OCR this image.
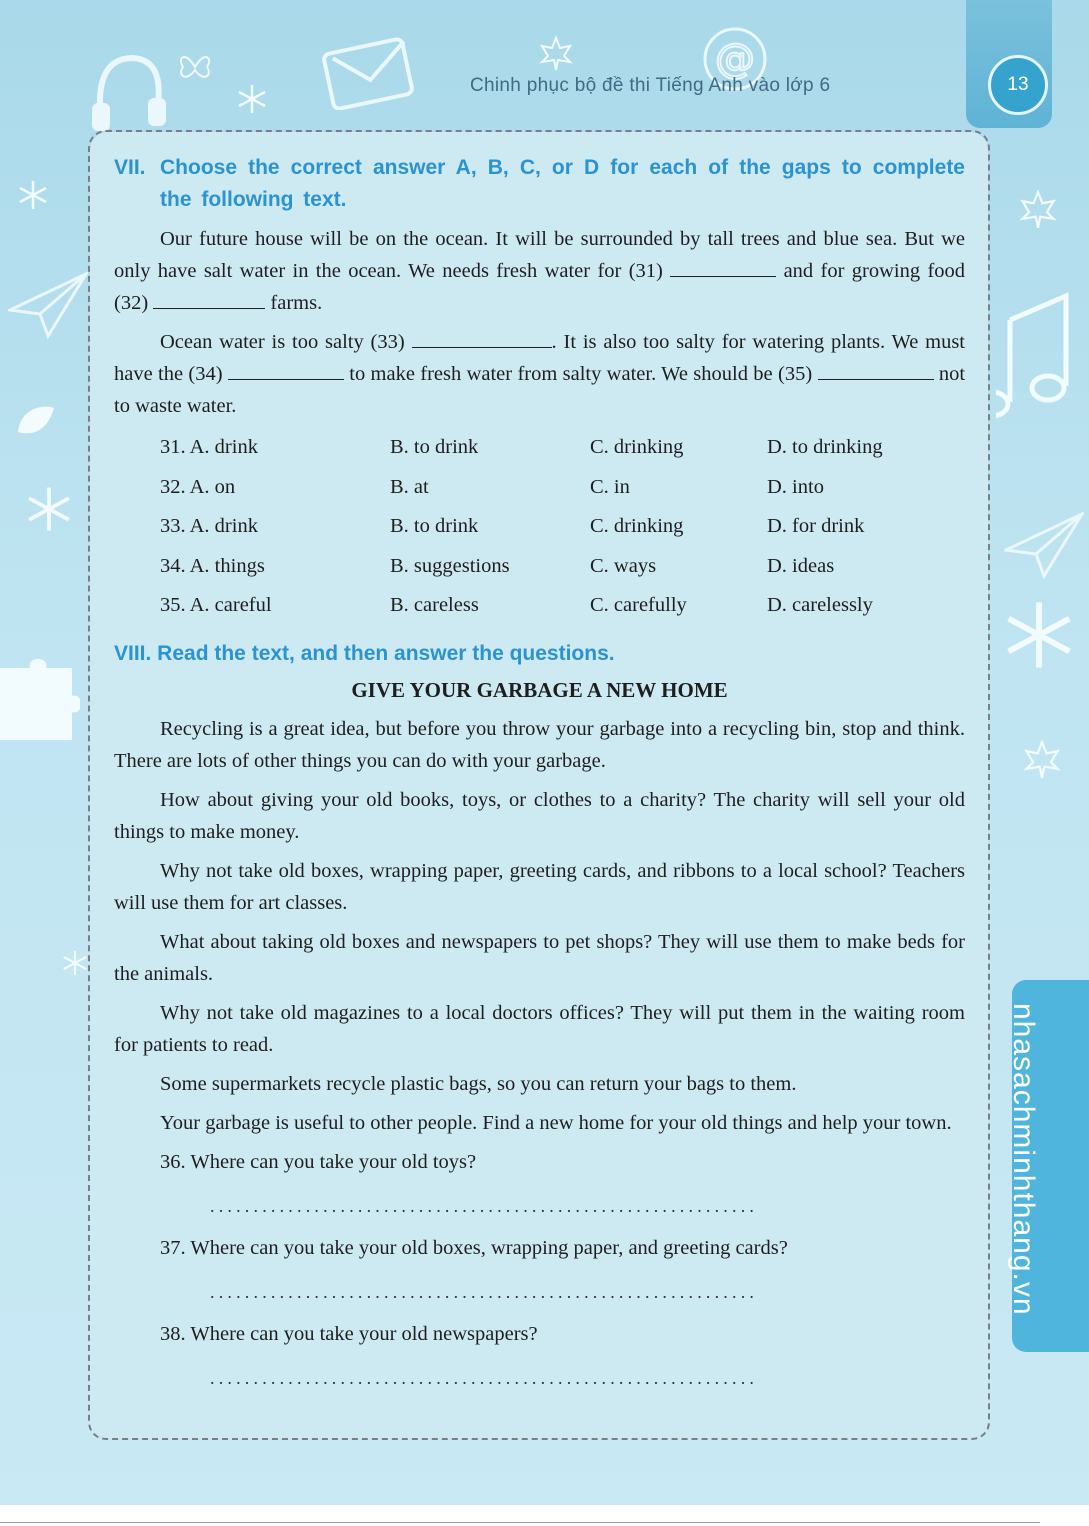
@
Chinh phục bộ đề thi Tiếng Anh vào lớp 6	13
nhasachminhthang.vn
VII. Choose the correct answer A, B, C, or D for each of the gaps to complete the following text.

Our future house will be on the ocean. It will be surrounded by tall trees and blue sea. But we only have salt water in the ocean. We needs fresh water for (31)	and for growing food (32)	farms.

Ocean water is too salty (33)	. It is also too salty for watering plants. We must have the (34)	to make fresh water from salty water. We should be (35)	not to waste water.

31. A. drink	B. to drink	C. drinking	D. to drinking
32. A. on	B. at	C. in	D. into
33. A. drink	B. to drink	C. drinking	D. for drink
34. A. things	B. suggestions	C. ways	D. ideas
35. A. careful	B. careless	C. carefully	D. carelessly
VIII. Read the text, and then answer the questions.
GIVE YOUR GARBAGE A NEW HOME

Recycling is a great idea, but before you throw your garbage into a recycling bin, stop and think. There are lots of other things you can do with your garbage.

How about giving your old books, toys, or clothes to a charity? The charity will sell your old things to make money.

Why not take old boxes, wrapping paper, greeting cards, and ribbons to a local school? Teachers will use them for art classes.

What about taking old boxes and newspapers to pet shops? They will use them to make beds for the animals.

Why not take old magazines to a local doctors offices? They will put them in the waiting room for patients to read.

Some supermarkets recycle plastic bags, so you can return your bags to them.

Your garbage is useful to other people. Find a new home for your old things and help your town.

36. Where can you take your old toys?
...............................................................
37. Where can you take your old boxes, wrapping paper, and greeting cards?
...............................................................
38. Where can you take your old newspapers?
...............................................................
